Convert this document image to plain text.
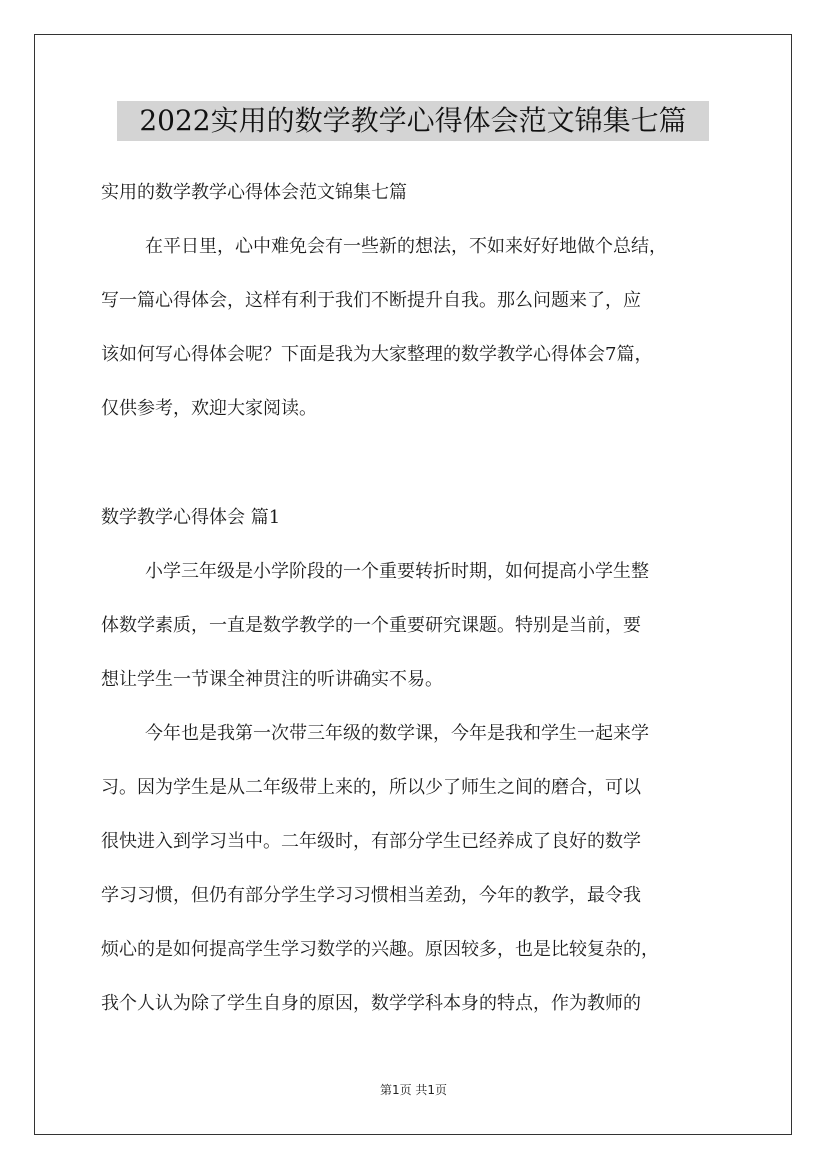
2022实用的数学教学心得体会范文锦集七篇
实用的数学教学心得体会范文锦集七篇
在平日里，心中难免会有一些新的想法，不如来好好地做个总结，
写一篇心得体会，这样有利于我们不断提升自我。那么问题来了，应
该如何写心得体会呢？下面是我为大家整理的数学教学心得体会7篇，
仅供参考，欢迎大家阅读。
数学教学心得体会 篇1
小学三年级是小学阶段的一个重要转折时期，如何提高小学生整
体数学素质，一直是数学教学的一个重要研究课题。特别是当前，要
想让学生一节课全神贯注的听讲确实不易。
今年也是我第一次带三年级的数学课，今年是我和学生一起来学
习。因为学生是从二年级带上来的，所以少了师生之间的磨合，可以
很快进入到学习当中。二年级时，有部分学生已经养成了良好的数学
学习习惯，但仍有部分学生学习习惯相当差劲，今年的教学，最令我
烦心的是如何提高学生学习数学的兴趣。原因较多，也是比较复杂的，
我个人认为除了学生自身的原因，数学学科本身的特点，作为教师的
第1页 共1页
